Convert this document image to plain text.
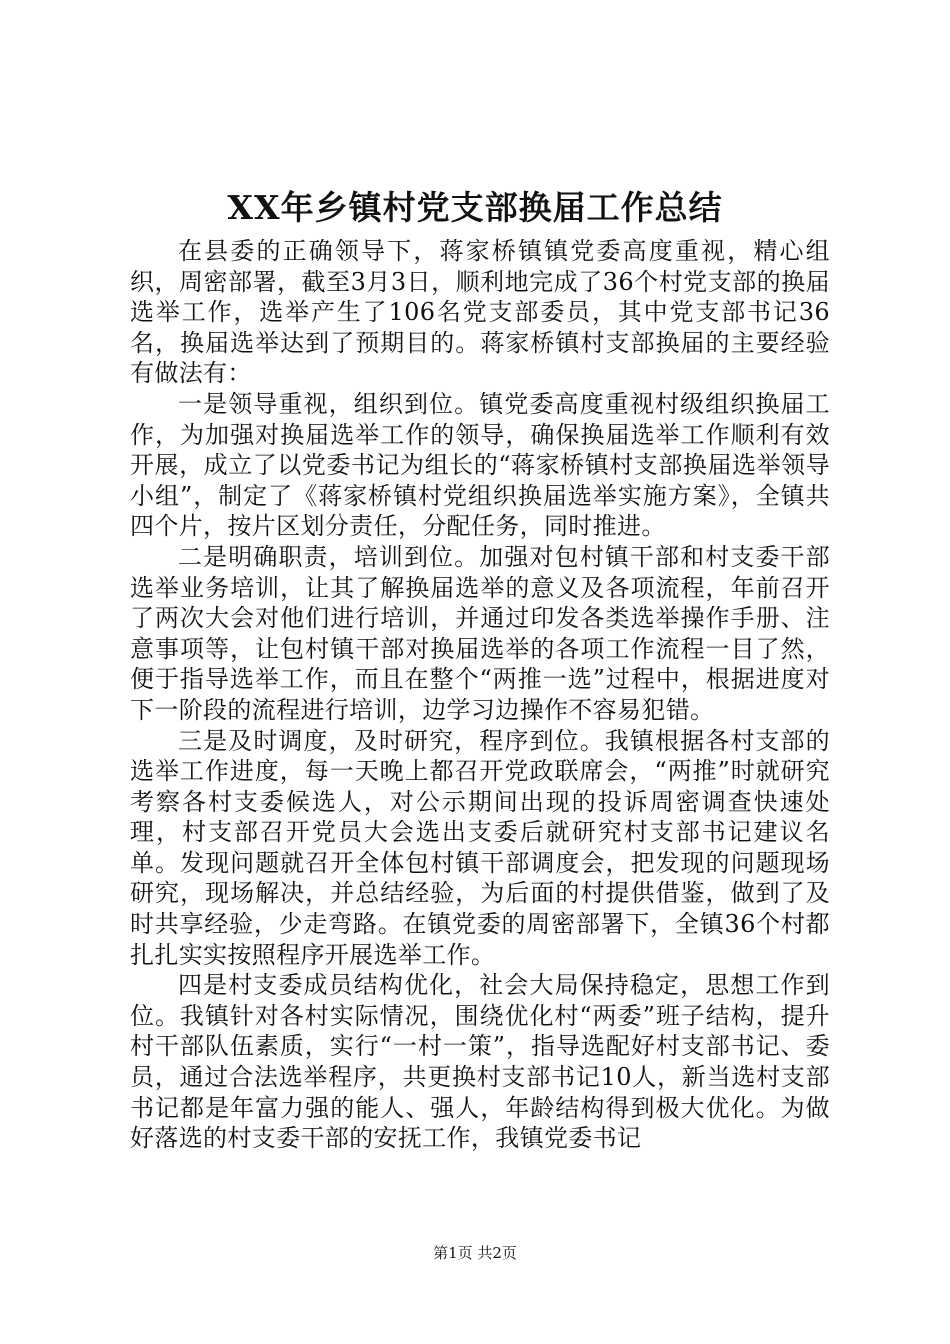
XX年乡镇村党支部换届工作总结

在县委的正确领导下，蒋家桥镇镇党委高度重视，精心组织，周密部署，截至3月3日，顺利地完成了36个村党支部的换届选举工作，选举产生了106名党支部委员，其中党支部书记36名，换届选举达到了预期目的。蒋家桥镇村支部换届的主要经验有做法有：

一是领导重视，组织到位。镇党委高度重视村级组织换届工作，为加强对换届选举工作的领导，确保换届选举工作顺利有效开展，成立了以党委书记为组长的“蒋家桥镇村支部换届选举领导小组”，制定了《蒋家桥镇村党组织换届选举实施方案》，全镇共四个片，按片区划分责任，分配任务，同时推进。

二是明确职责，培训到位。加强对包村镇干部和村支委干部选举业务培训，让其了解换届选举的意义及各项流程，年前召开了两次大会对他们进行培训，并通过印发各类选举操作手册、注意事项等，让包村镇干部对换届选举的各项工作流程一目了然，便于指导选举工作，而且在整个“两推一选”过程中，根据进度对下一阶段的流程进行培训，边学习边操作不容易犯错。

三是及时调度，及时研究，程序到位。我镇根据各村支部的选举工作进度，每一天晚上都召开党政联席会，“两推”时就研究考察各村支委候选人，对公示期间出现的投诉周密调查快速处理，村支部召开党员大会选出支委后就研究村支部书记建议名单。发现问题就召开全体包村镇干部调度会，把发现的问题现场研究，现场解决，并总结经验，为后面的村提供借鉴，做到了及时共享经验，少走弯路。在镇党委的周密部署下，全镇36个村都扎扎实实按照程序开展选举工作。

四是村支委成员结构优化，社会大局保持稳定，思想工作到位。我镇针对各村实际情况，围绕优化村“两委”班子结构，提升村干部队伍素质，实行“一村一策”，指导选配好村支部书记、委员，通过合法选举程序，共更换村支部书记10人，新当选村支部书记都是年富力强的能人、强人，年龄结构得到极大优化。为做好落选的村支委干部的安抚工作，我镇党委书记

第1页 共2页
